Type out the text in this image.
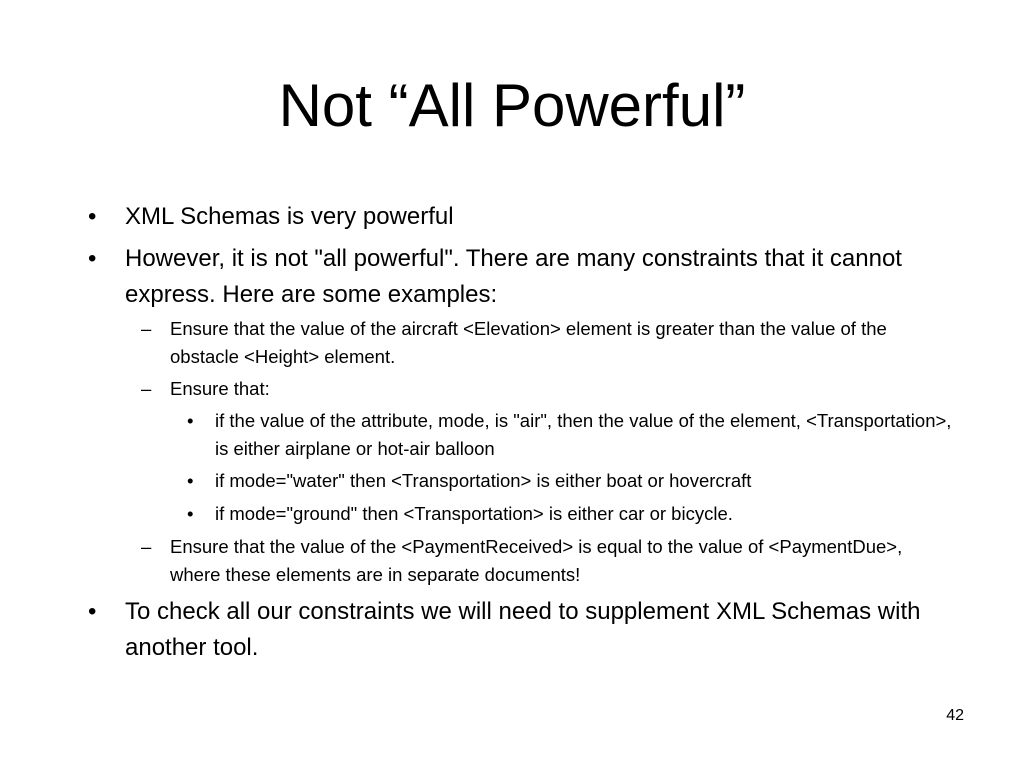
Not “All Powerful”
• XML Schemas is very powerful
• However, it is not "all powerful". There are many constraints that it cannot express. Here are some examples:
– Ensure that the value of the aircraft <Elevation> element is greater than the value of the obstacle <Height> element.
– Ensure that:
• if the value of the attribute, mode, is "air", then the value of the element, <Transportation>, is either airplane or hot-air balloon
• if mode="water" then <Transportation> is either boat or hovercraft
• if mode="ground" then <Transportation> is either car or bicycle.
– Ensure that the value of the <PaymentReceived> is equal to the value of <PaymentDue>, where these elements are in separate documents!
• To check all our constraints we will need to supplement XML Schemas with another tool.
42
